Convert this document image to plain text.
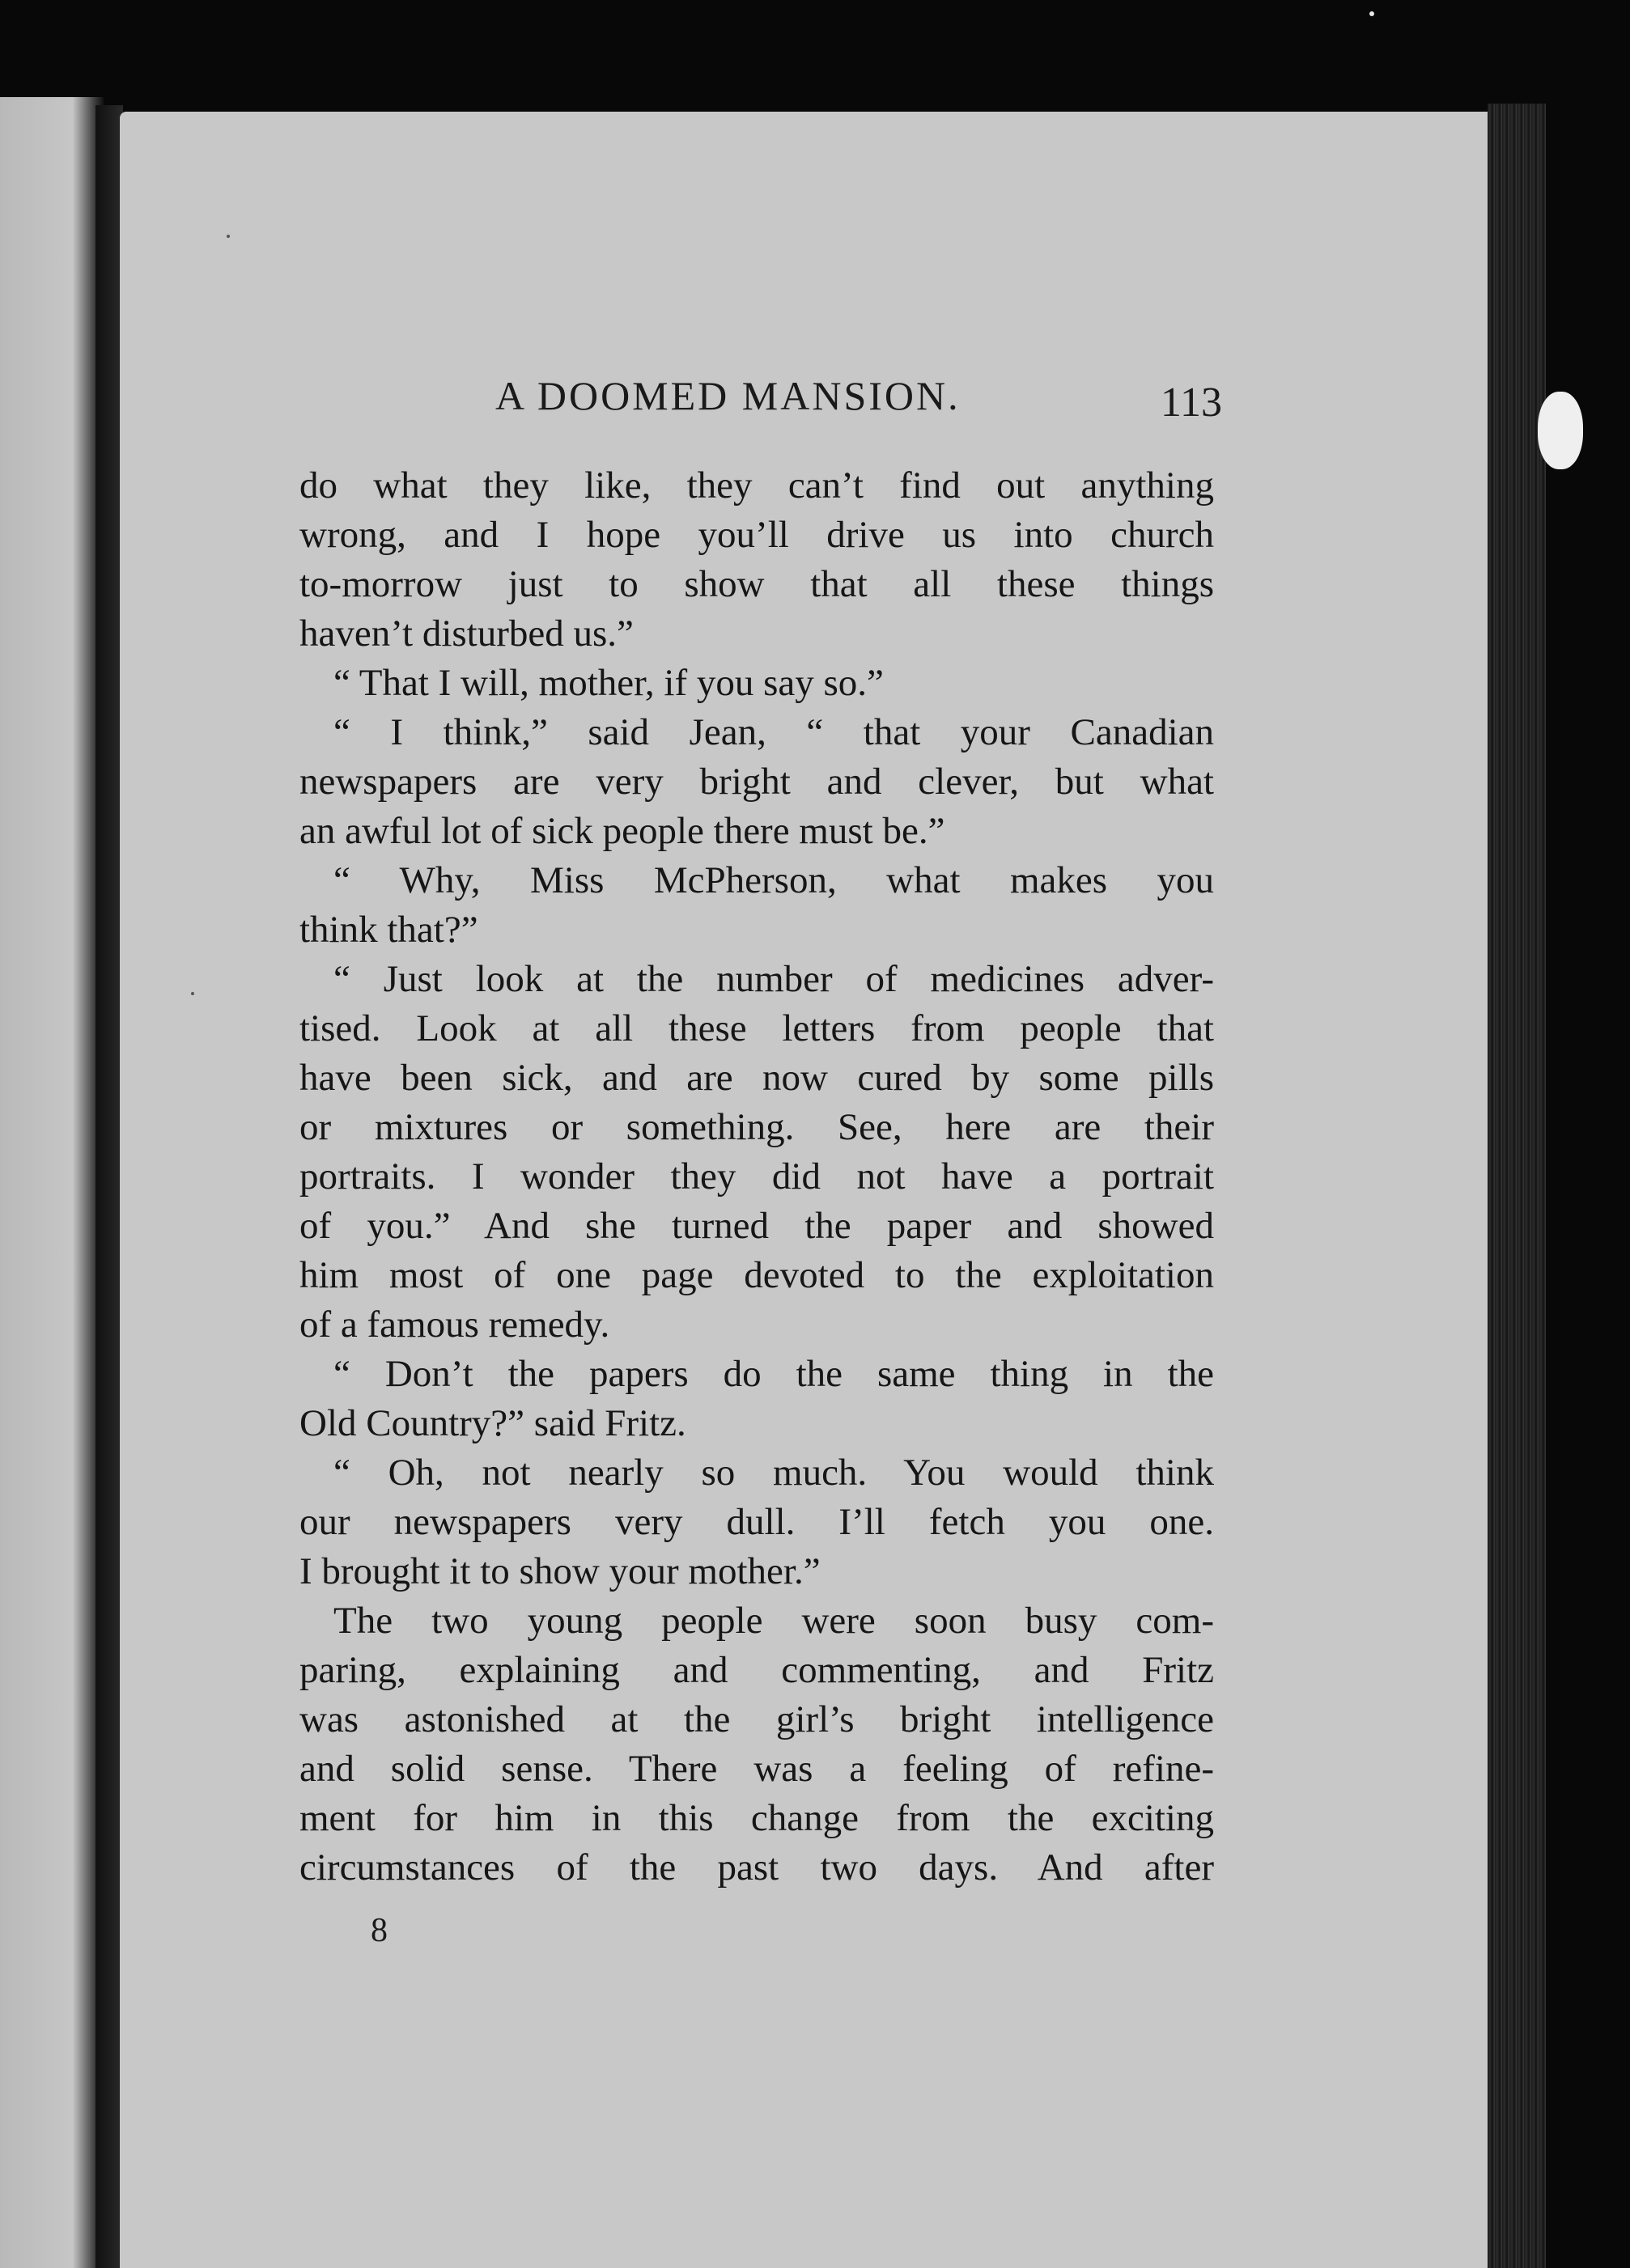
A DOOMED MANSION.	113
do what they like, they can’t find out anything
wrong, and I hope you’ll drive us into church
to-morrow just to show that all these things
haven’t disturbed us.”
“ That I will, mother, if you say so.”
“ I think,” said Jean, “ that your Canadian
newspapers are very bright and clever, but what
an awful lot of sick people there must be.”
“ Why, Miss McPherson, what makes you
think that?”
“ Just look at the number of medicines adver-
tised. Look at all these letters from people that
have been sick, and are now cured by some pills
or mixtures or something. See, here are their
portraits. I wonder they did not have a portrait
of you.” And she turned the paper and showed
him most of one page devoted to the exploitation
of a famous remedy.
“ Don’t the papers do the same thing in the
Old Country?” said Fritz.
“ Oh, not nearly so much. You would think
our newspapers very dull. I’ll fetch you one.
I brought it to show your mother.”
The two young people were soon busy com-
paring, explaining and commenting, and Fritz
was astonished at the girl’s bright intelligence
and solid sense. There was a feeling of refine-
ment for him in this change from the exciting
circumstances of the past two days. And after
8
